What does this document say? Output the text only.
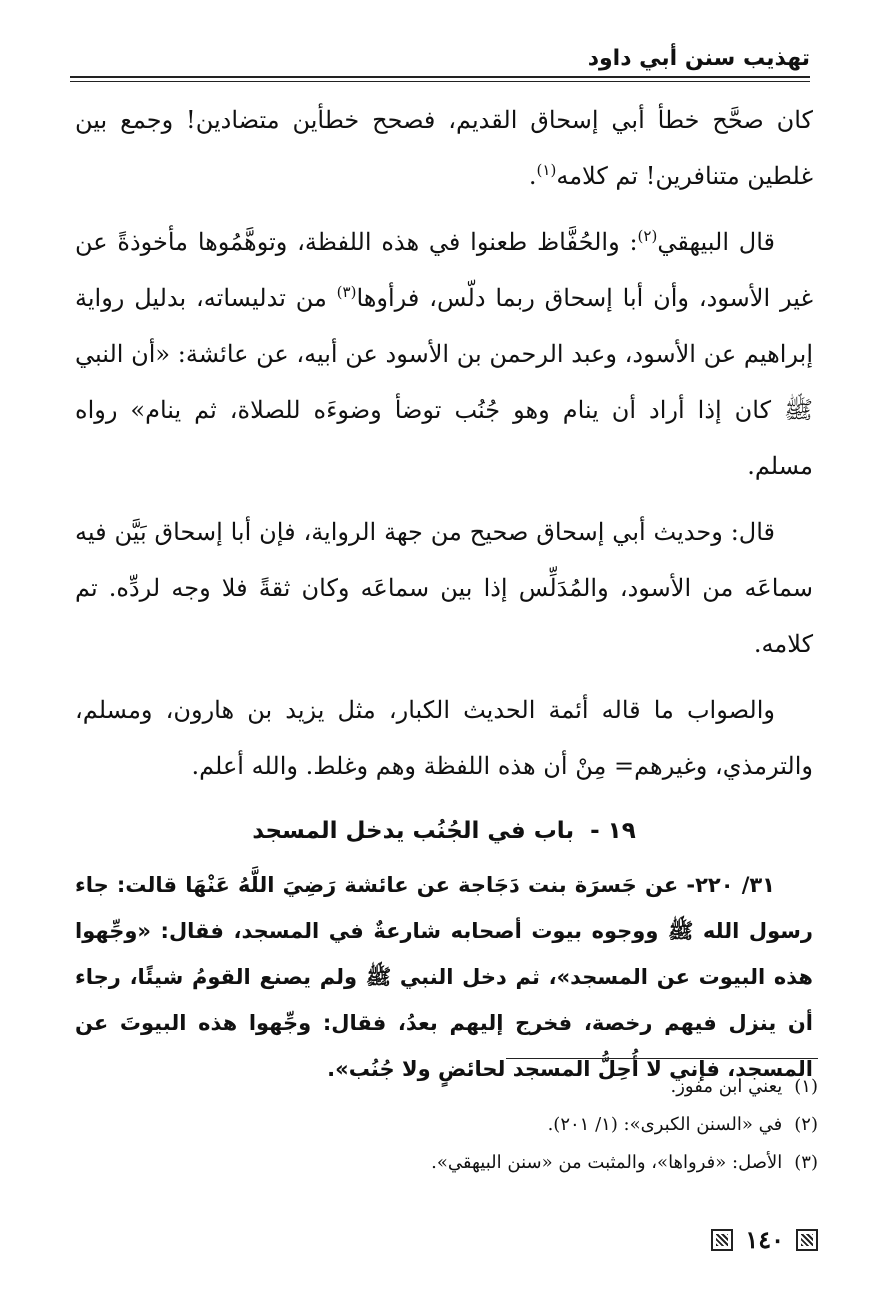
تهذيب سنن أبي داود

كان صحَّح خطأ أبي إسحاق القديم، فصحح خطأين متضادين! وجمع بين غلطين متنافرين! تم كلامه$^{(١)}$.

قال البيهقي$^{(٢)}$: والحُفَّاظ طعنوا في هذه اللفظة، وتوهَّمُوها مأخوذةً عن غير الأسود، وأن أبا إسحاق ربما دلّس، فرأوها$^{(٣)}$ من تدليساته، بدليل رواية إبراهيم عن الأسود، وعبد الرحمن بن الأسود عن أبيه، عن عائشة: «أن النبي ﷺ كان إذا أراد أن ينام وهو جُنُب توضأ وضوءَه للصلاة، ثم ينام» رواه مسلم.

قال: وحديث أبي إسحاق صحيح من جهة الرواية، فإن أبا إسحاق بَيَّن فيه سماعَه من الأسود، والمُدَلِّس إذا بين سماعَه وكان ثقةً فلا وجه لردِّه. تم كلامه.

والصواب ما قاله أئمة الحديث الكبار، مثل يزيد بن هارون، ومسلم، والترمذي، وغيرهم= مِنْ أن هذه اللفظة وهم وغلط. والله أعلم.

١٩ - باب في الجُنُب يدخل المسجد

٣١/ ٢٢٠- عن جَسرَة بنت دَجَاجة عن عائشة رَضِيَ اللَّهُ عَنْهَا قالت: جاء رسول الله ﷺ ووجوه بيوت أصحابه شارعةٌ في المسجد، فقال: «وجِّهوا هذه البيوت عن المسجد»، ثم دخل النبي ﷺ ولم يصنع القومُ شيئًا، رجاء أن ينزل فيهم رخصة، فخرج إليهم بعدُ، فقال: وجِّهوا هذه البيوتَ عن المسجد، فإني لا أُحِلُّ المسجد لحائضٍ ولا جُنُب».

(١)يعني ابن مفوز.
(٢)في «السنن الكبرى»: (١/ ٢٠١).
(٣)الأصل: «فرواها»، والمثبت من «سنن البيهقي».
١٤٠
